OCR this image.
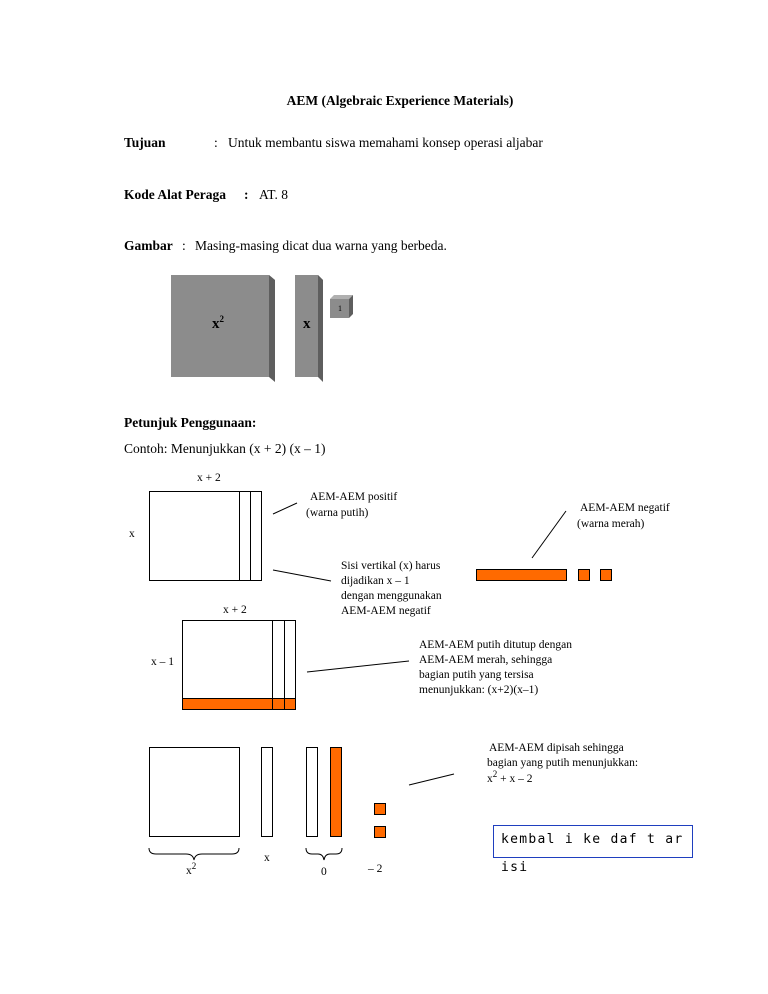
AEM (Algebraic Experience Materials)
Tujuan	: Untuk membantu siswa memahami konsep operasi aljabar
Kode Alat Peraga : AT. 8
Gambar : Masing-masing dicat dua warna yang berbeda.
$x^2$	x
1
Petunjuk Penggunaan:
Contoh: Menunjukkan (x + 2) (x – 1)
x + 2
x
AEM-AEM positif
(warna putih)
Sisi vertikal (x) harus
dijadikan x – 1
dengan menggunakan
AEM-AEM negatif
AEM-AEM negatif
(warna merah)
x + 2
x – 1
AEM-AEM putih ditutup dengan
AEM-AEM merah, sehingga
bagian putih yang tersisa
menunjukkan: (x+2)(x–1)
$x^2$
x
0	– 2
AEM-AEM dipisah sehingga
bagian yang putih menunjukkan:
$x^2 + x - 2$
kembal i ke daf t ar isi
